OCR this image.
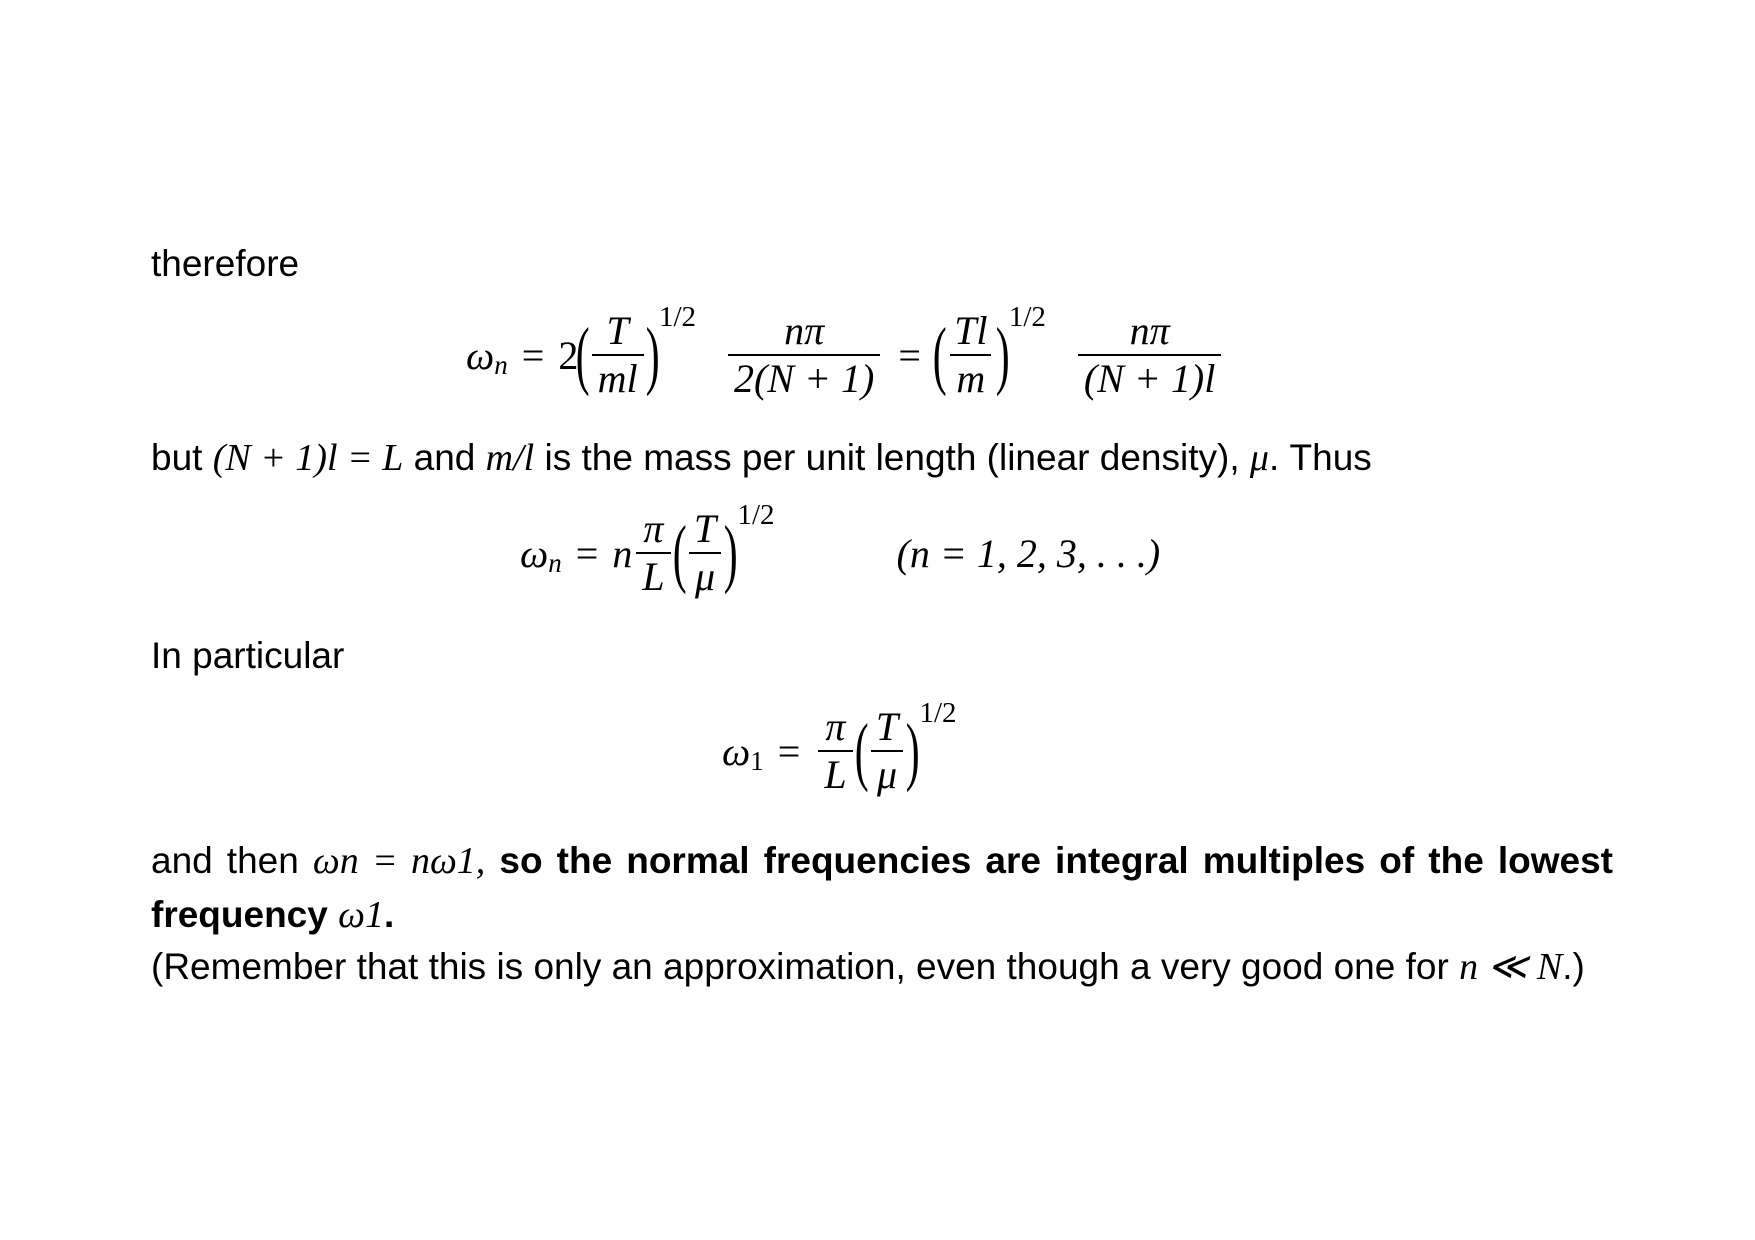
therefore
ω n = 2
( $\frac{T}{ml}$ ) $1/2 \frac{n\pi}{2(N + 1)}$ = ( $\frac{Tl}{m}$ ) $1/2 \frac{n\pi}{(N + 1)l}$
but (N + 1)l = L and m/l is the mass per unit length (linear density), μ. Thus
ω n = n $\frac{\pi}{L}$ ( $\frac{T}{\mu}$ ) 1/2
(n = 1, 2, 3, . . .)
In particular
ω $1 = \frac{\pi}{L}$ ( $\frac{T}{\mu}$ ) 1/2
and then ωn = nω1, so the normal frequencies are integral multiples of the lowest frequency ω1.
(Remember that this is only an approximation, even though a very good one for n ≪ N.)
